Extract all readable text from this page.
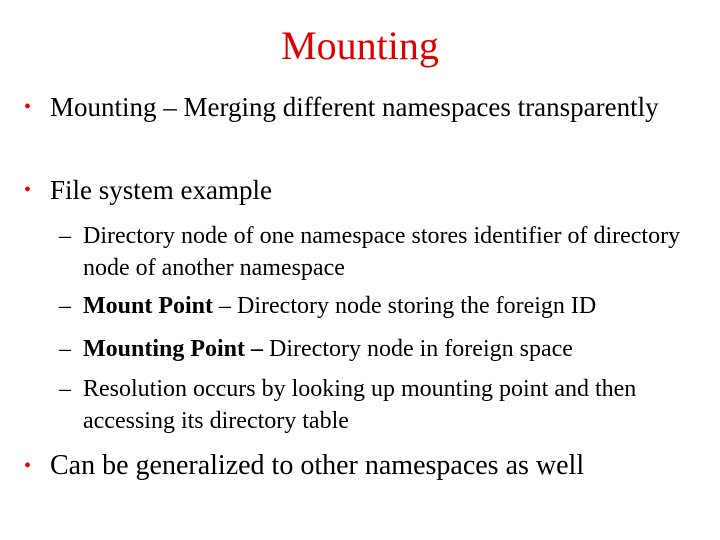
Mounting
• Mounting – Merging different namespaces transparently
• File system example
– Directory node of one namespace stores identifier of directory node of another namespace
– Mount Point – Directory node storing the foreign ID
– Mounting Point – Directory node in foreign space
– Resolution occurs by looking up mounting point and then accessing its directory table
• Can be generalized to other namespaces as well
